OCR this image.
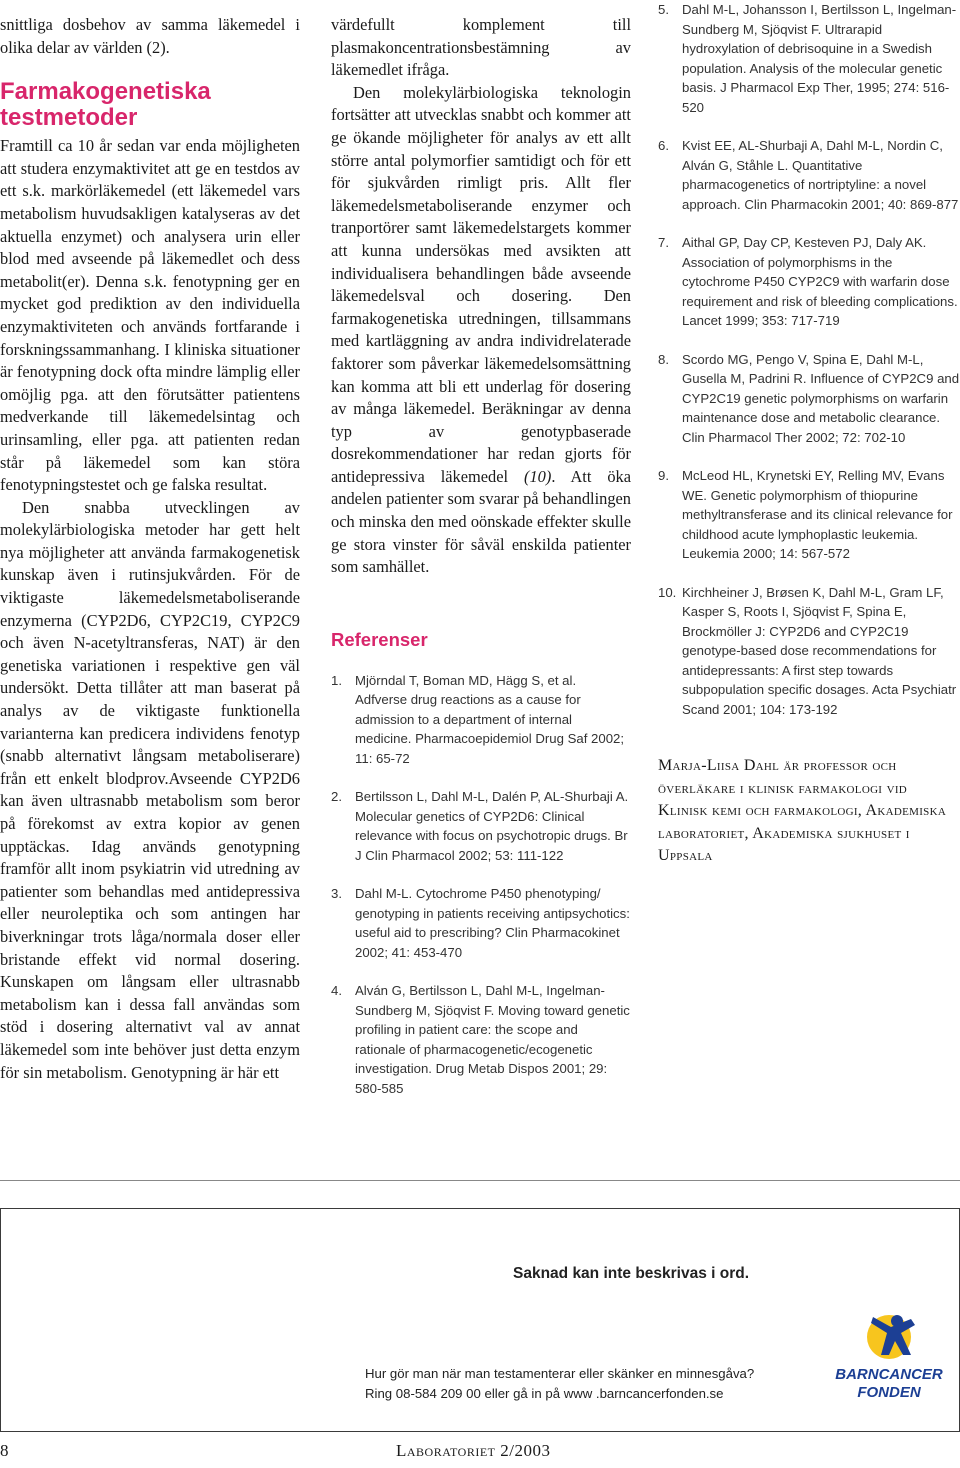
snittliga dosbehov av samma läkemedel i olika delar av världen (2).

Farmakogenetiska testmetoder

Framtill ca 10 år sedan var enda möjligheten att studera enzymaktivitet att ge en testdos av ett s.k. markörläkemedel (ett läkemedel vars metabolism huvudsakligen katalyseras av det aktuella enzymet) och analysera urin eller blod med avseende på läkemedlet och dess metabolit(er). Denna s.k. fenotypning ger en mycket god prediktion av den individuella enzymaktiviteten och används fortfarande i forskningssammanhang. I kliniska situationer är fenotypning dock ofta mindre lämplig eller omöjlig pga. att den förutsätter patientens medverkande till läkemedelsintag och urinsamling, eller pga. att patienten redan står på läkemedel som kan störa fenotypningstestet och ge falska resultat.

Den snabba utvecklingen av molekylärbiologiska metoder har gett helt nya möjligheter att använda farmakogenetisk kunskap även i rutinsjukvården. För de viktigaste läkemedelsmetaboliserande enzymerna (CYP2D6, CYP2C19, CYP2C9 och även N-acetyltransferas, NAT) är den genetiska variationen i respektive gen väl undersökt. Detta tillåter att man baserat på analys av de viktigaste funktionella varianterna kan predicera individens fenotyp (snabb alternativt långsam metaboliserare) från ett enkelt blodprov.Avseende CYP2D6 kan även ultrasnabb metabolism som beror på förekomst av extra kopior av genen upptäckas. Idag används genotypning framför allt inom psykiatrin vid utredning av patienter som behandlas med antidepressiva eller neuroleptika och som antingen har biverkningar trots låga/normala doser eller bristande effekt vid normal dosering. Kunskapen om långsam eller ultrasnabb metabolism kan i dessa fall användas som stöd i dosering alternativt val av annat läkemedel som inte behöver just detta enzym för sin metabolism. Genotypning är här ett

värdefullt komplement till plasmakoncentrationsbestämning av läkemedlet ifråga.

Den molekylärbiologiska teknologin fortsätter att utvecklas snabbt och kommer att ge ökande möjligheter för analys av ett allt större antal polymorfier samtidigt och för ett för sjukvården rimligt pris. Allt fler läkemedelsmetaboliserande enzymer och tranportörer samt läkemedelstargets kommer att kunna undersökas med avsikten att individualisera behandlingen både avseende läkemedelsval och dosering. Den farmakogenetiska utredningen, tillsammans med kartläggning av andra individrelaterade faktorer som påverkar läkemedelsomsättning kan komma att bli ett underlag för dosering av många läkemedel. Beräkningar av denna typ av genotypbaserade dosrekommendationer har redan gjorts för antidepressiva läkemedel (10). Att öka andelen patienter som svarar på behandlingen och minska den med oönskade effekter skulle ge stora vinster för såväl enskilda patienter som samhället.

Referenser
1. Mjörndal T, Boman MD, Hägg S, et al. Adfverse drug reactions as a cause for admission to a department of internal medicine. Pharmacoepidemiol Drug Saf 2002; 11: 65-72
2. Bertilsson L, Dahl M-L, Dalén P, AL-Shurbaji A. Molecular genetics of CYP2D6: Clinical relevance with focus on psychotropic drugs. Br J Clin Pharmacol 2002; 53: 111-122
3. Dahl M-L. Cytochrome P450 phenotyping/ genotyping in patients receiving antipsychotics: useful aid to prescribing? Clin Pharmacokinet 2002; 41: 453-470
4. Alván G, Bertilsson L, Dahl M-L, Ingelman-Sundberg M, Sjöqvist F. Moving toward genetic profiling in patient care: the scope and rationale of pharmacogenetic/ecogenetic investigation. Drug Metab Dispos 2001; 29: 580-585
5. Dahl M-L, Johansson I, Bertilsson L, Ingelman-Sundberg M, Sjöqvist F. Ultrarapid hydroxylation of debrisoquine in a Swedish population. Analysis of the molecular genetic basis. J Pharmacol Exp Ther, 1995; 274: 516-520
6. Kvist EE, AL-Shurbaji A, Dahl M-L, Nordin C, Alván G, Ståhle L. Quantitative pharmacogenetics of nortriptyline: a novel approach. Clin Pharmacokin 2001; 40: 869-877
7. Aithal GP, Day CP, Kesteven PJ, Daly AK. Association of polymorphisms in the cytochrome P450 CYP2C9 with warfarin dose requirement and risk of bleeding complications. Lancet 1999; 353: 717-719
8. Scordo MG, Pengo V, Spina E, Dahl M-L, Gusella M, Padrini R. Influence of CYP2C9 and CYP2C19 genetic polymorphisms on warfarin maintenance dose and metabolic clearance. Clin Pharmacol Ther 2002; 72: 702-10
9. McLeod HL, Krynetski EY, Relling MV, Evans WE. Genetic polymorphism of thiopurine methyltransferase and its clinical relevance for childhood acute lymphoplastic leukemia. Leukemia 2000; 14: 567-572
10. Kirchheiner J, Brøsen K, Dahl M-L, Gram LF, Kasper S, Roots I, Sjöqvist F, Spina E, Brockmöller J: CYP2D6 and CYP2C19 genotype-based dose recommendations for antidepressants: A first step towards subpopulation specific dosages. Acta Psychiatr Scand 2001; 104: 173-192
Marja-Liisa Dahl är professor och överläkare i klinisk farmakologi vid Klinisk kemi och farmakologi, Akademiska laboratoriet, Akademiska sjukhuset i Uppsala
Saknad kan inte beskrivas i ord.
Hur gör man när man testamenterar eller skänker en minnesgåva?
Ring 08-584 209 00 eller gå in på www .barncancerfonden.se
BARNCANCER
FONDEN
8	Laboratoriet 2/2003
